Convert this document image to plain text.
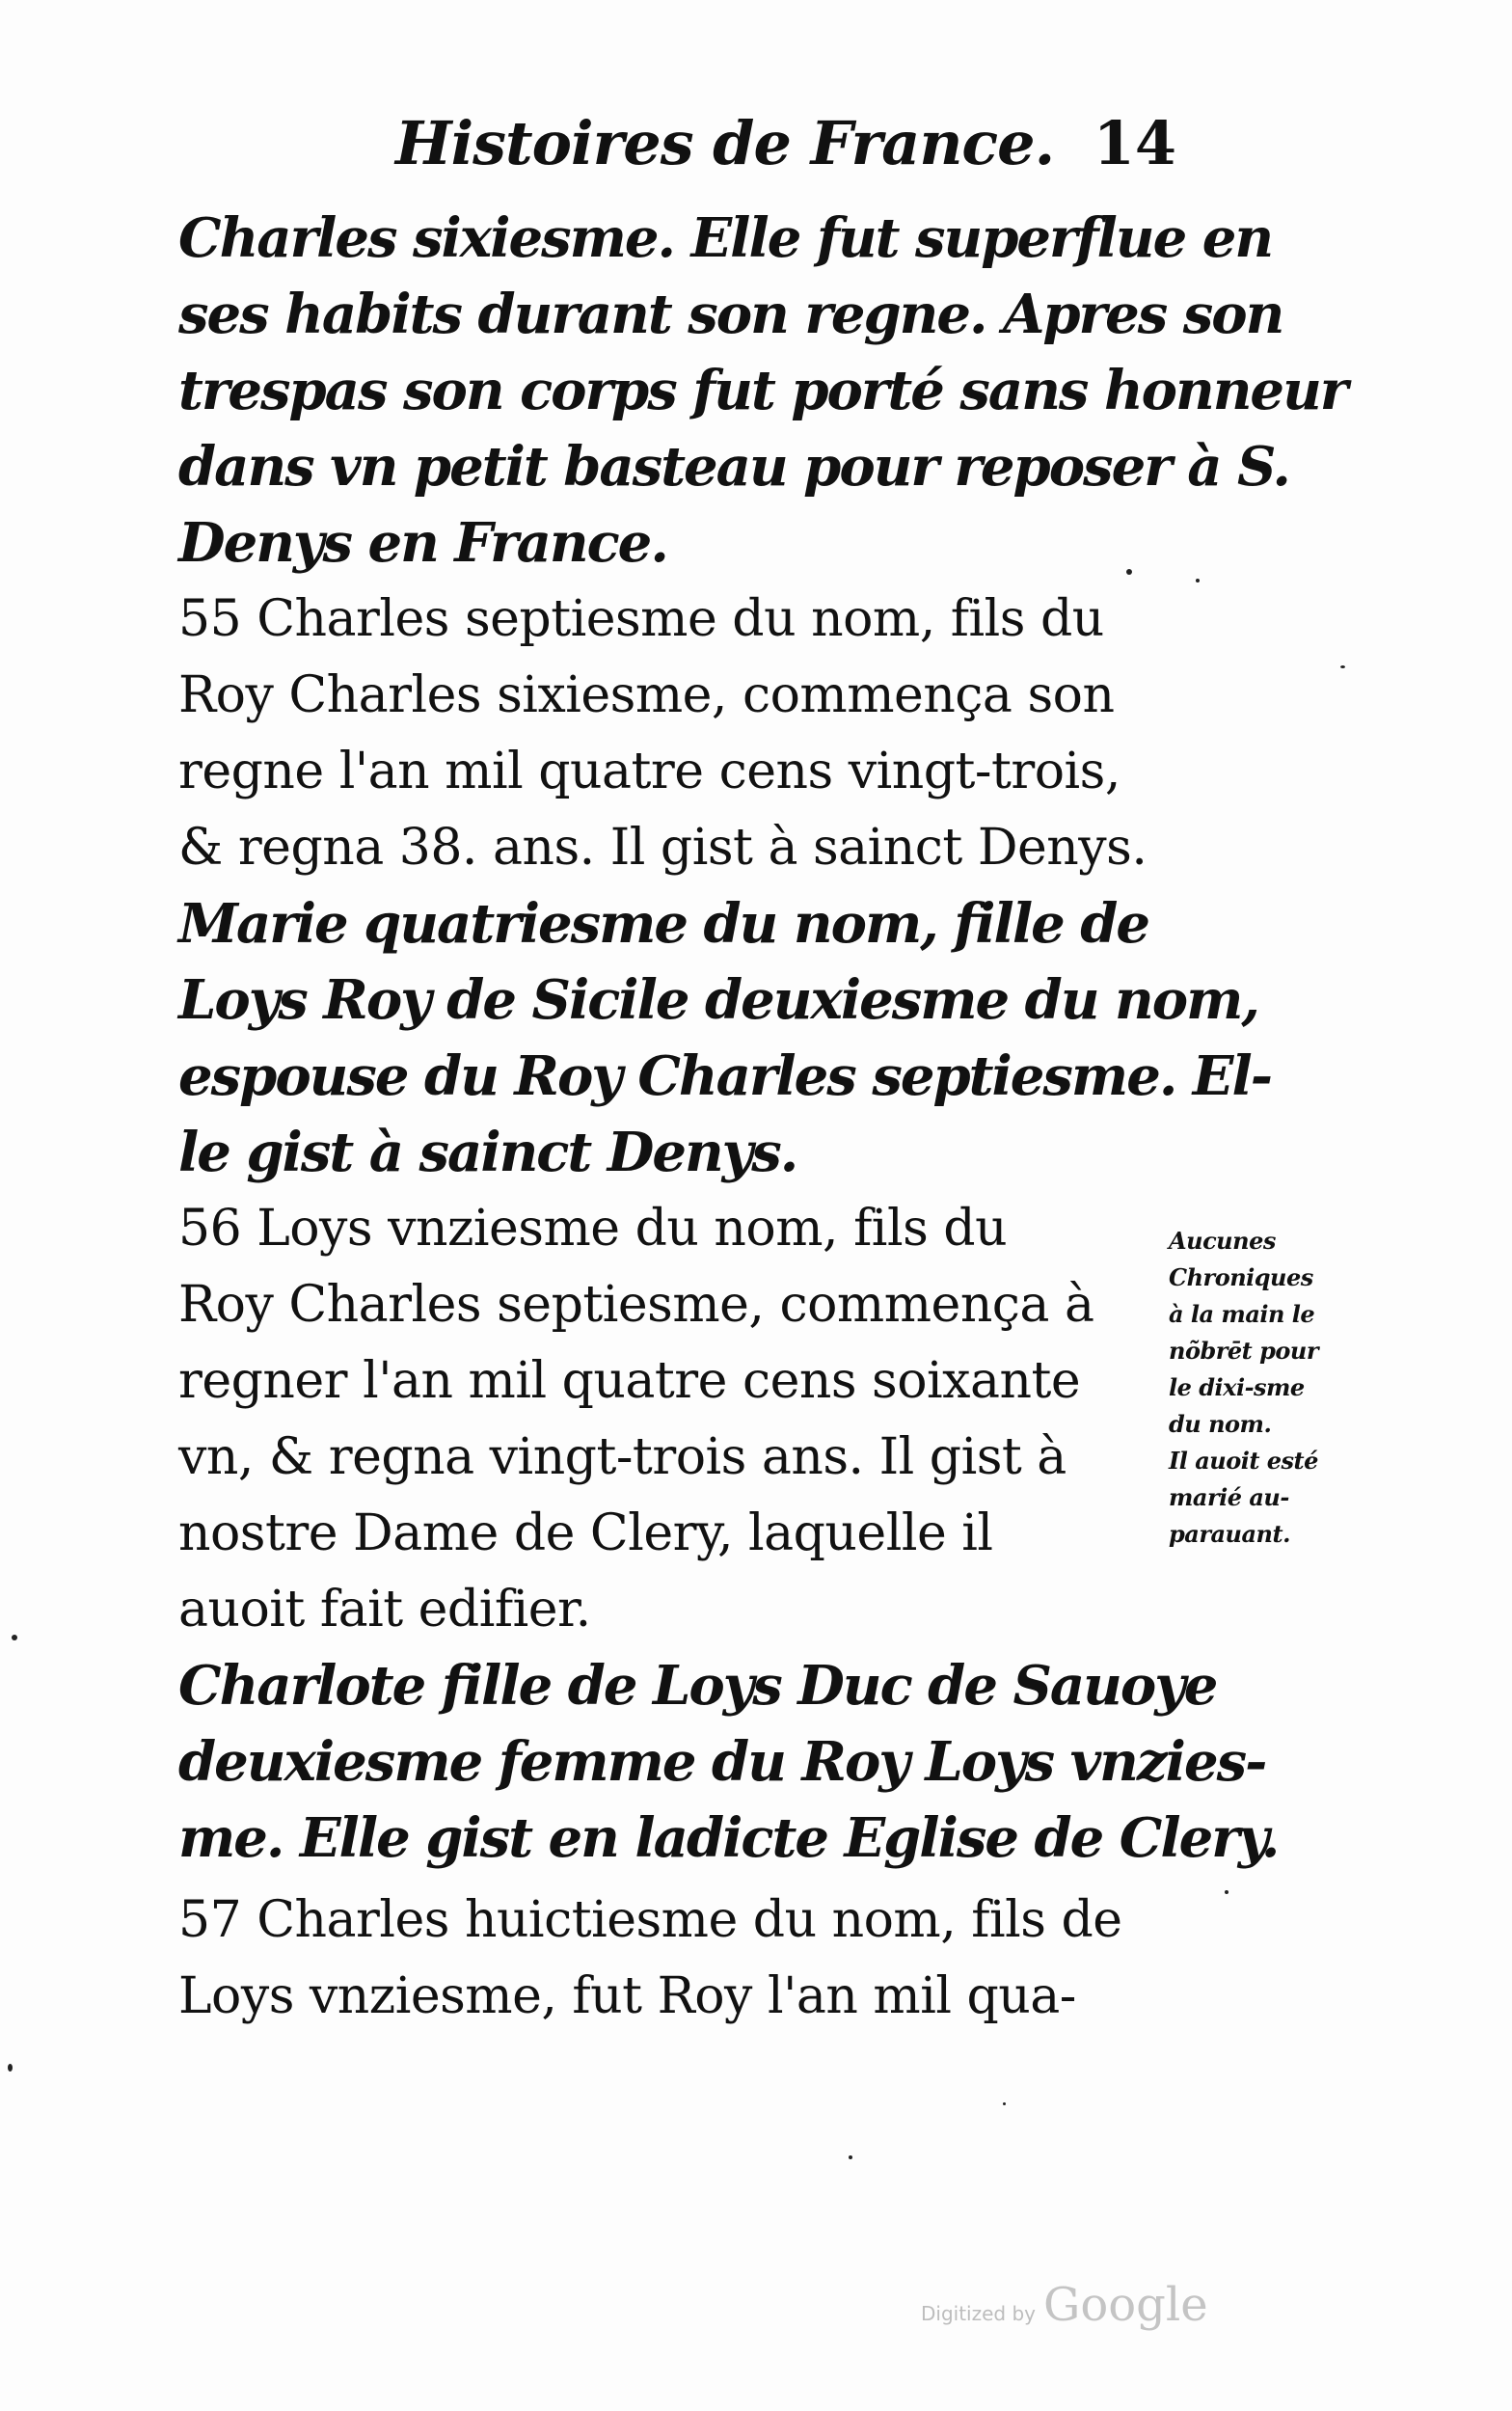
Histoires de France. 14
Charles sixiesme. Elle fut superflue en
ses habits durant son regne. Apres son
trespas son corps fut porté sans honneur
dans vn petit basteau pour reposer à S.
Denys en France.
55 Charles septiesme du nom, fils du
Roy Charles sixiesme, commença son
regne l'an mil quatre cens vingt-trois,
& regna 38. ans. Il gist à sainct Denys.
Marie quatriesme du nom, fille de
Loys Roy de Sicile deuxiesme du nom,
espouse du Roy Charles septiesme. El-
le gist à sainct Denys.
56 Loys vnziesme du nom, fils du
Roy Charles septiesme, commença à
regner l'an mil quatre cens soixante
vn, & regna vingt-trois ans. Il gist à
nostre Dame de Clery, laquelle il
auoit fait edifier.
Charlote fille de Loys Duc de Sauoye
deuxiesme femme du Roy Loys vnzies-
me. Elle gist en ladicte Eglise de Clery.
57 Charles huictiesme du nom, fils de
Loys vnziesme, fut Roy l'an mil qua-
Aucunes
Chroniques
à la main le
nõbrēt pour
le dixi-sme
du nom.
Il auoit esté
marié au-
parauant.
Digitized by Google
